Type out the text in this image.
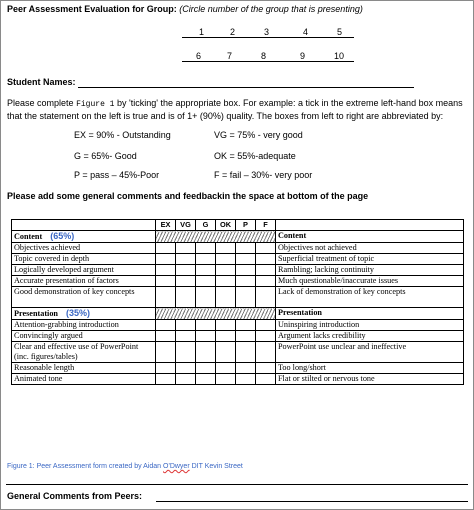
Peer Assessment Evaluation for Group: (Circle number of the group that is presenting)
1	2	3	4	5
6	7	8	9	10
Student Names:
Please complete Figure 1 by 'ticking' the appropriate box. For example: a tick in the extreme left-hand box means
that the statement on the left is true and is of 1+ (90%) quality. The boxes from left to right are abbreviated by:
EX = 90% - Outstanding	VG = 75% - very good
G = 65%- Good	OK = 55%-adequate
P = pass – 45%-Poor	F = fail – 30%- very poor
Please add some general comments and feedbackin the space at bottom of the page
	EX	VG	G	OK	P	F	
Content (65%)							Content
Objectives achieved							Objectives not achieved
Topic covered in depth							Superficial treatment of topic
Logically developed argument							Rambling; lacking continuity
Accurate presentation of factors							Much questionable/inaccurate issues
Good demonstration of key concepts							Lack of demonstration of key concepts
Presentation (35%)							Presentation
Attention-grabbing introduction							Uninspiring introduction
Convincingly argued							Argument lacks credibility
Clear and effective use of PowerPoint (inc. figures/tables)							PowerPoint use unclear and ineffective
Reasonable length							Too long/short
Animated tone							Flat or stilted or nervous tone
Figure 1: Peer Assessment form created by Aidan O'Dwyer DIT Kevin Street
General Comments from Peers:
